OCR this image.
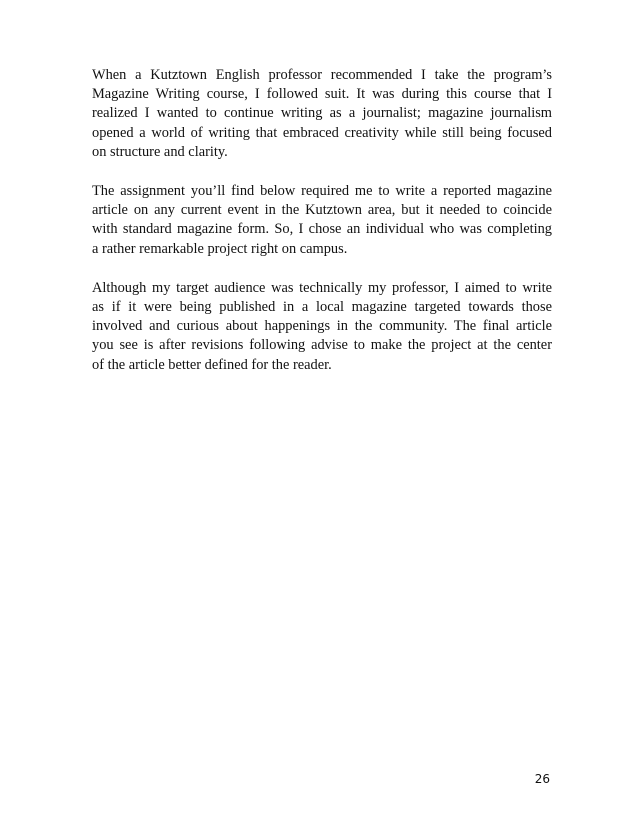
When a Kutztown English professor recommended I take the program’s
Magazine Writing course, I followed suit. It was during this course that I
realized I wanted to continue writing as a journalist; magazine journalism
opened a world of writing that embraced creativity while still being focused
on structure and clarity.

The assignment you’ll find below required me to write a reported magazine
article on any current event in the Kutztown area, but it needed to coincide
with standard magazine form. So, I chose an individual who was completing
a rather remarkable project right on campus.

Although my target audience was technically my professor, I aimed to write
as if it were being published in a local magazine targeted towards those
involved and curious about happenings in the community. The final article
you see is after revisions following advise to make the project at the center
of the article better defined for the reader.

26
